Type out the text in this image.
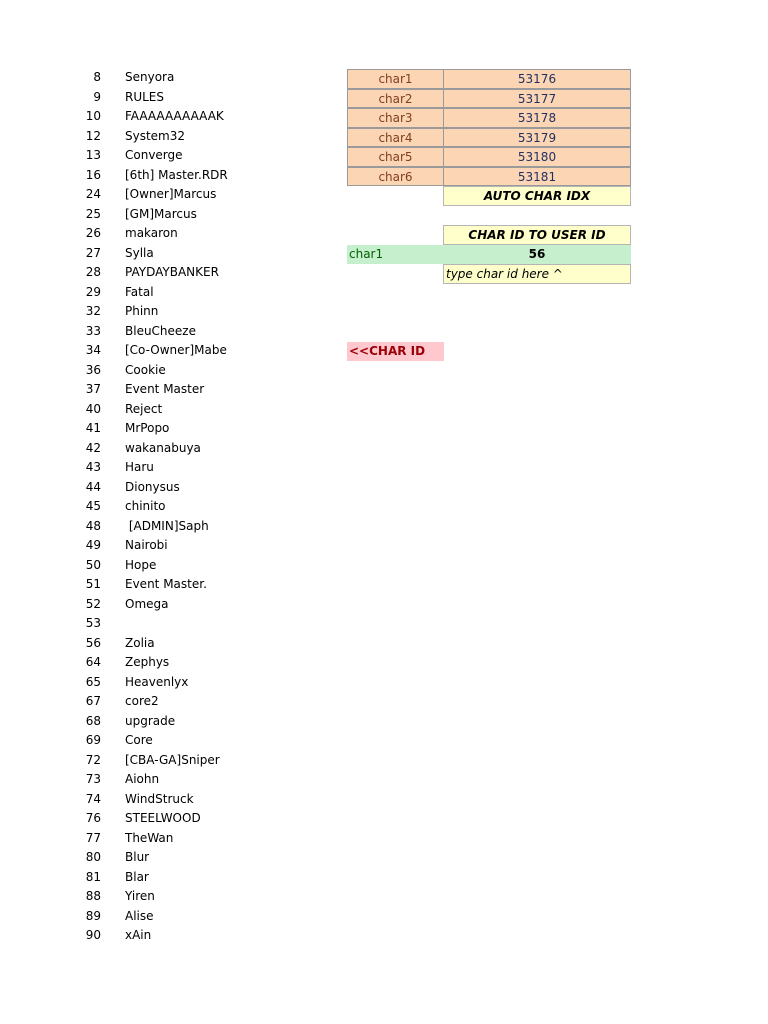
8 Senyora
9 RULES
10 FAAAAAAAAAAK
12 System32
13 Converge
16 [6th] Master.RDR
24 [Owner]Marcus
25 [GM]Marcus
26 makaron
27 Sylla
28 PAYDAYBANKER
29 Fatal
32 Phinn
33 BleuCheeze
34 [Co-Owner]Mabe
36 Cookie
37 Event Master
40 Reject
41 MrPopo
42 wakanabuya
43 Haru
44 Dionysus
45 chinito
48 [ADMIN]Saph
49 Nairobi
50 Hope
51 Event Master.
52 Omega
53
56 Zolia
64 Zephys
65 Heavenlyx
67 core2
68 upgrade
69 Core
72 [CBA-GA]Sniper
73 Aiohn
74 WindStruck
76 STEELWOOD
77 TheWan
80 Blur
81 Blar
88 Yiren
89 Alise
90 xAin
char1	53176
char2	53177
char3	53178
char4	53179
char5	53180
char6	53181
AUTO CHAR IDX
CHAR ID TO USER ID
char1	56
type char id here ^
<<CHAR ID
